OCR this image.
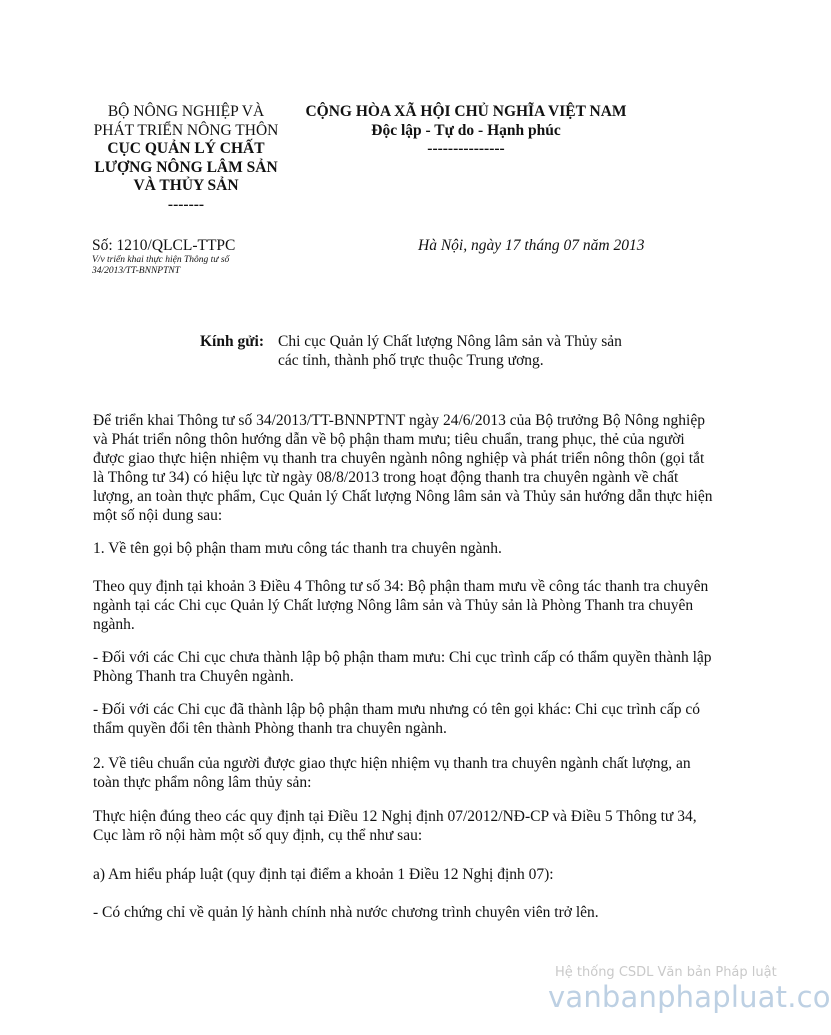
BỘ NÔNG NGHIỆP VÀ PHÁT TRIỂN NÔNG THÔN
CỤC QUẢN LÝ CHẤT LƯỢNG NÔNG LÂM SẢN VÀ THỦY SẢN
-------
CỘNG HÒA XÃ HỘI CHỦ NGHĨA VIỆT NAM
Độc lập - Tự do - Hạnh phúc
---------------
Số: 1210/QLCL-TTPC
V/v triển khai thực hiện Thông tư số 34/2013/TT-BNNPTNT
Hà Nội, ngày 17 tháng 07 năm 2013
Kính gửi: Chi cục Quản lý Chất lượng Nông lâm sản và Thủy sản
các tỉnh, thành phố trực thuộc Trung ương.
Để triển khai Thông tư số 34/2013/TT-BNNPTNT ngày 24/6/2013 của Bộ trưởng Bộ Nông nghiệp và Phát triển nông thôn hướng dẫn về bộ phận tham mưu; tiêu chuẩn, trang phục, thẻ của người được giao thực hiện nhiệm vụ thanh tra chuyên ngành nông nghiệp và phát triển nông thôn (gọi tắt là Thông tư 34) có hiệu lực từ ngày 08/8/2013 trong hoạt động thanh tra chuyên ngành về chất lượng, an toàn thực phẩm, Cục Quản lý Chất lượng Nông lâm sản và Thủy sản hướng dẫn thực hiện một số nội dung sau:
1. Về tên gọi bộ phận tham mưu công tác thanh tra chuyên ngành.
Theo quy định tại khoản 3 Điều 4 Thông tư số 34: Bộ phận tham mưu về công tác thanh tra chuyên ngành tại các Chi cục Quản lý Chất lượng Nông lâm sản và Thủy sản là Phòng Thanh tra chuyên ngành.
- Đối với các Chi cục chưa thành lập bộ phận tham mưu: Chi cục trình cấp có thẩm quyền thành lập Phòng Thanh tra Chuyên ngành.
- Đối với các Chi cục đã thành lập bộ phận tham mưu nhưng có tên gọi khác: Chi cục trình cấp có thẩm quyền đổi tên thành Phòng thanh tra chuyên ngành.
2. Về tiêu chuẩn của người được giao thực hiện nhiệm vụ thanh tra chuyên ngành chất lượng, an toàn thực phẩm nông lâm thủy sản:
Thực hiện đúng theo các quy định tại Điều 12 Nghị định 07/2012/NĐ-CP và Điều 5 Thông tư 34, Cục làm rõ nội hàm một số quy định, cụ thể như sau:
a) Am hiểu pháp luật (quy định tại điểm a khoản 1 Điều 12 Nghị định 07):
- Có chứng chỉ về quản lý hành chính nhà nước chương trình chuyên viên trở lên.
Hệ thống CSDL Văn bản Pháp luật
vanbanphapluat.co
